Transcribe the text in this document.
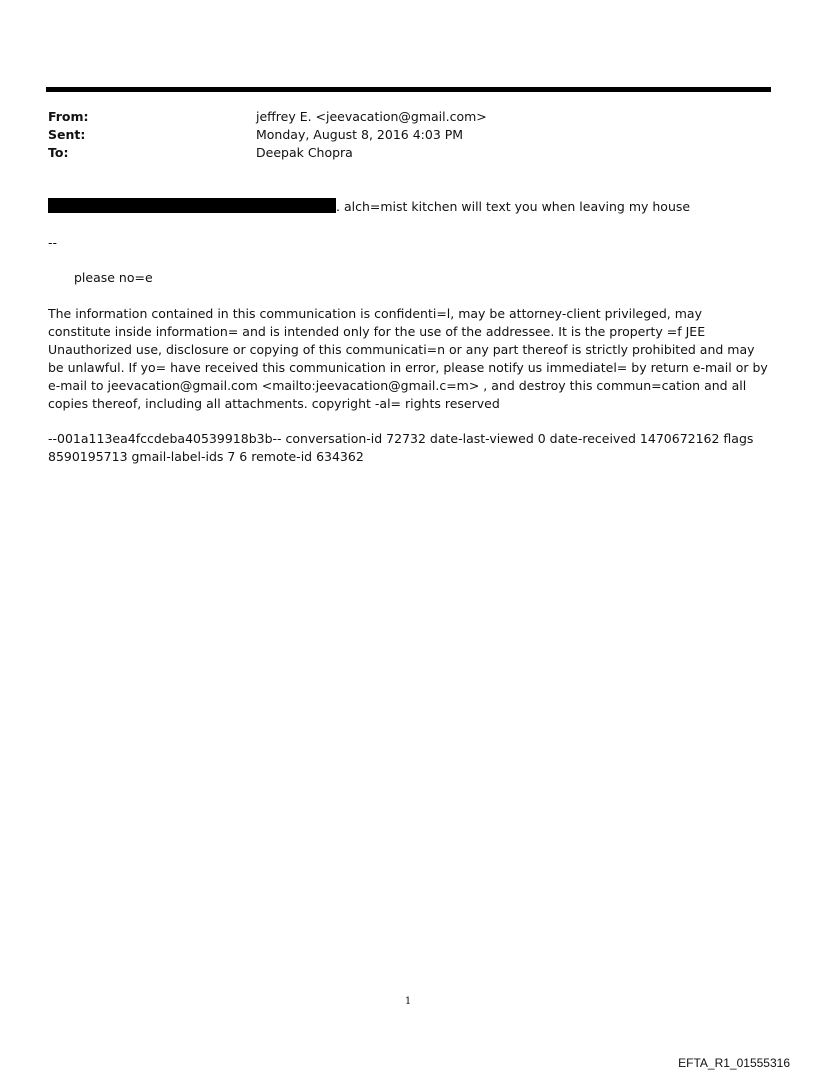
From:	jeffrey E. <jeevacation@gmail.com>
Sent:	Monday, August 8, 2016 4:03 PM
To:	Deepak Chopra
. alch=mist kitchen will text you when leaving my house
--
please no=e

The information contained in this communication is confidenti=l, may be attorney-client privileged, may constitute inside information= and is intended only for the use of the addressee. It is the property =f JEE Unauthorized use, disclosure or copying of this communicati=n or any part thereof is strictly prohibited and may be unlawful. If yo= have received this communication in error, please notify us immediatel= by return e-mail or by e-mail to jeevacation@gmail.com <mailto:jeevacation@gmail.c=m> , and destroy this commun=cation and all copies thereof, including all attachments. copyright -al= rights reserved

--001a113ea4fccdeba40539918b3b-- conversation-id 72732 date-last-viewed 0 date-received 1470672162 flags 8590195713 gmail-label-ids 7 6 remote-id 634362

1
EFTA_R1_01555316
